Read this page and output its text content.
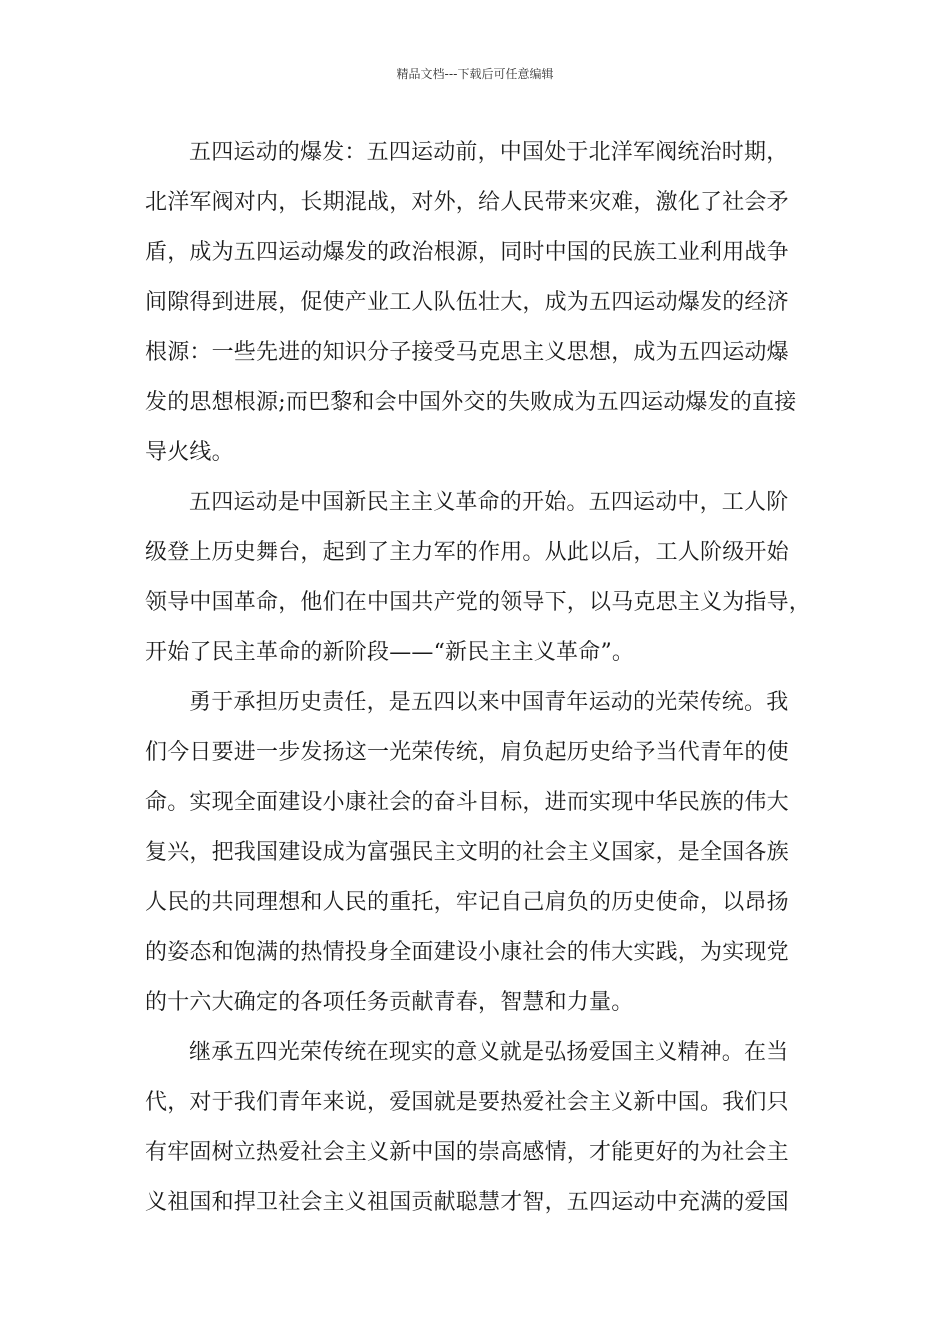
精品文档---下载后可任意编辑
五四运动的爆发：五四运动前，中国处于北洋军阀统治时期，
北洋军阀对内，长期混战，对外，给人民带来灾难，激化了社会矛
盾，成为五四运动爆发的政治根源，同时中国的民族工业利用战争
间隙得到进展，促使产业工人队伍壮大，成为五四运动爆发的经济
根源：一些先进的知识分子接受马克思主义思想，成为五四运动爆
发的思想根源;而巴黎和会中国外交的失败成为五四运动爆发的直接
导火线。
五四运动是中国新民主主义革命的开始。五四运动中，工人阶
级登上历史舞台，起到了主力军的作用。从此以后，工人阶级开始
领导中国革命，他们在中国共产党的领导下，以马克思主义为指导，
开始了民主革命的新阶段——“新民主主义革命”。
勇于承担历史责任，是五四以来中国青年运动的光荣传统。我
们今日要进一步发扬这一光荣传统，肩负起历史给予当代青年的使
命。实现全面建设小康社会的奋斗目标，进而实现中华民族的伟大
复兴，把我国建设成为富强民主文明的社会主义国家，是全国各族
人民的共同理想和人民的重托，牢记自己肩负的历史使命，以昂扬
的姿态和饱满的热情投身全面建设小康社会的伟大实践，为实现党
的十六大确定的各项任务贡献青春，智慧和力量。
继承五四光荣传统在现实的意义就是弘扬爱国主义精神。在当
代，对于我们青年来说，爱国就是要热爱社会主义新中国。我们只
有牢固树立热爱社会主义新中国的崇高感情，才能更好的为社会主
义祖国和捍卫社会主义祖国贡献聪慧才智，五四运动中充满的爱国
